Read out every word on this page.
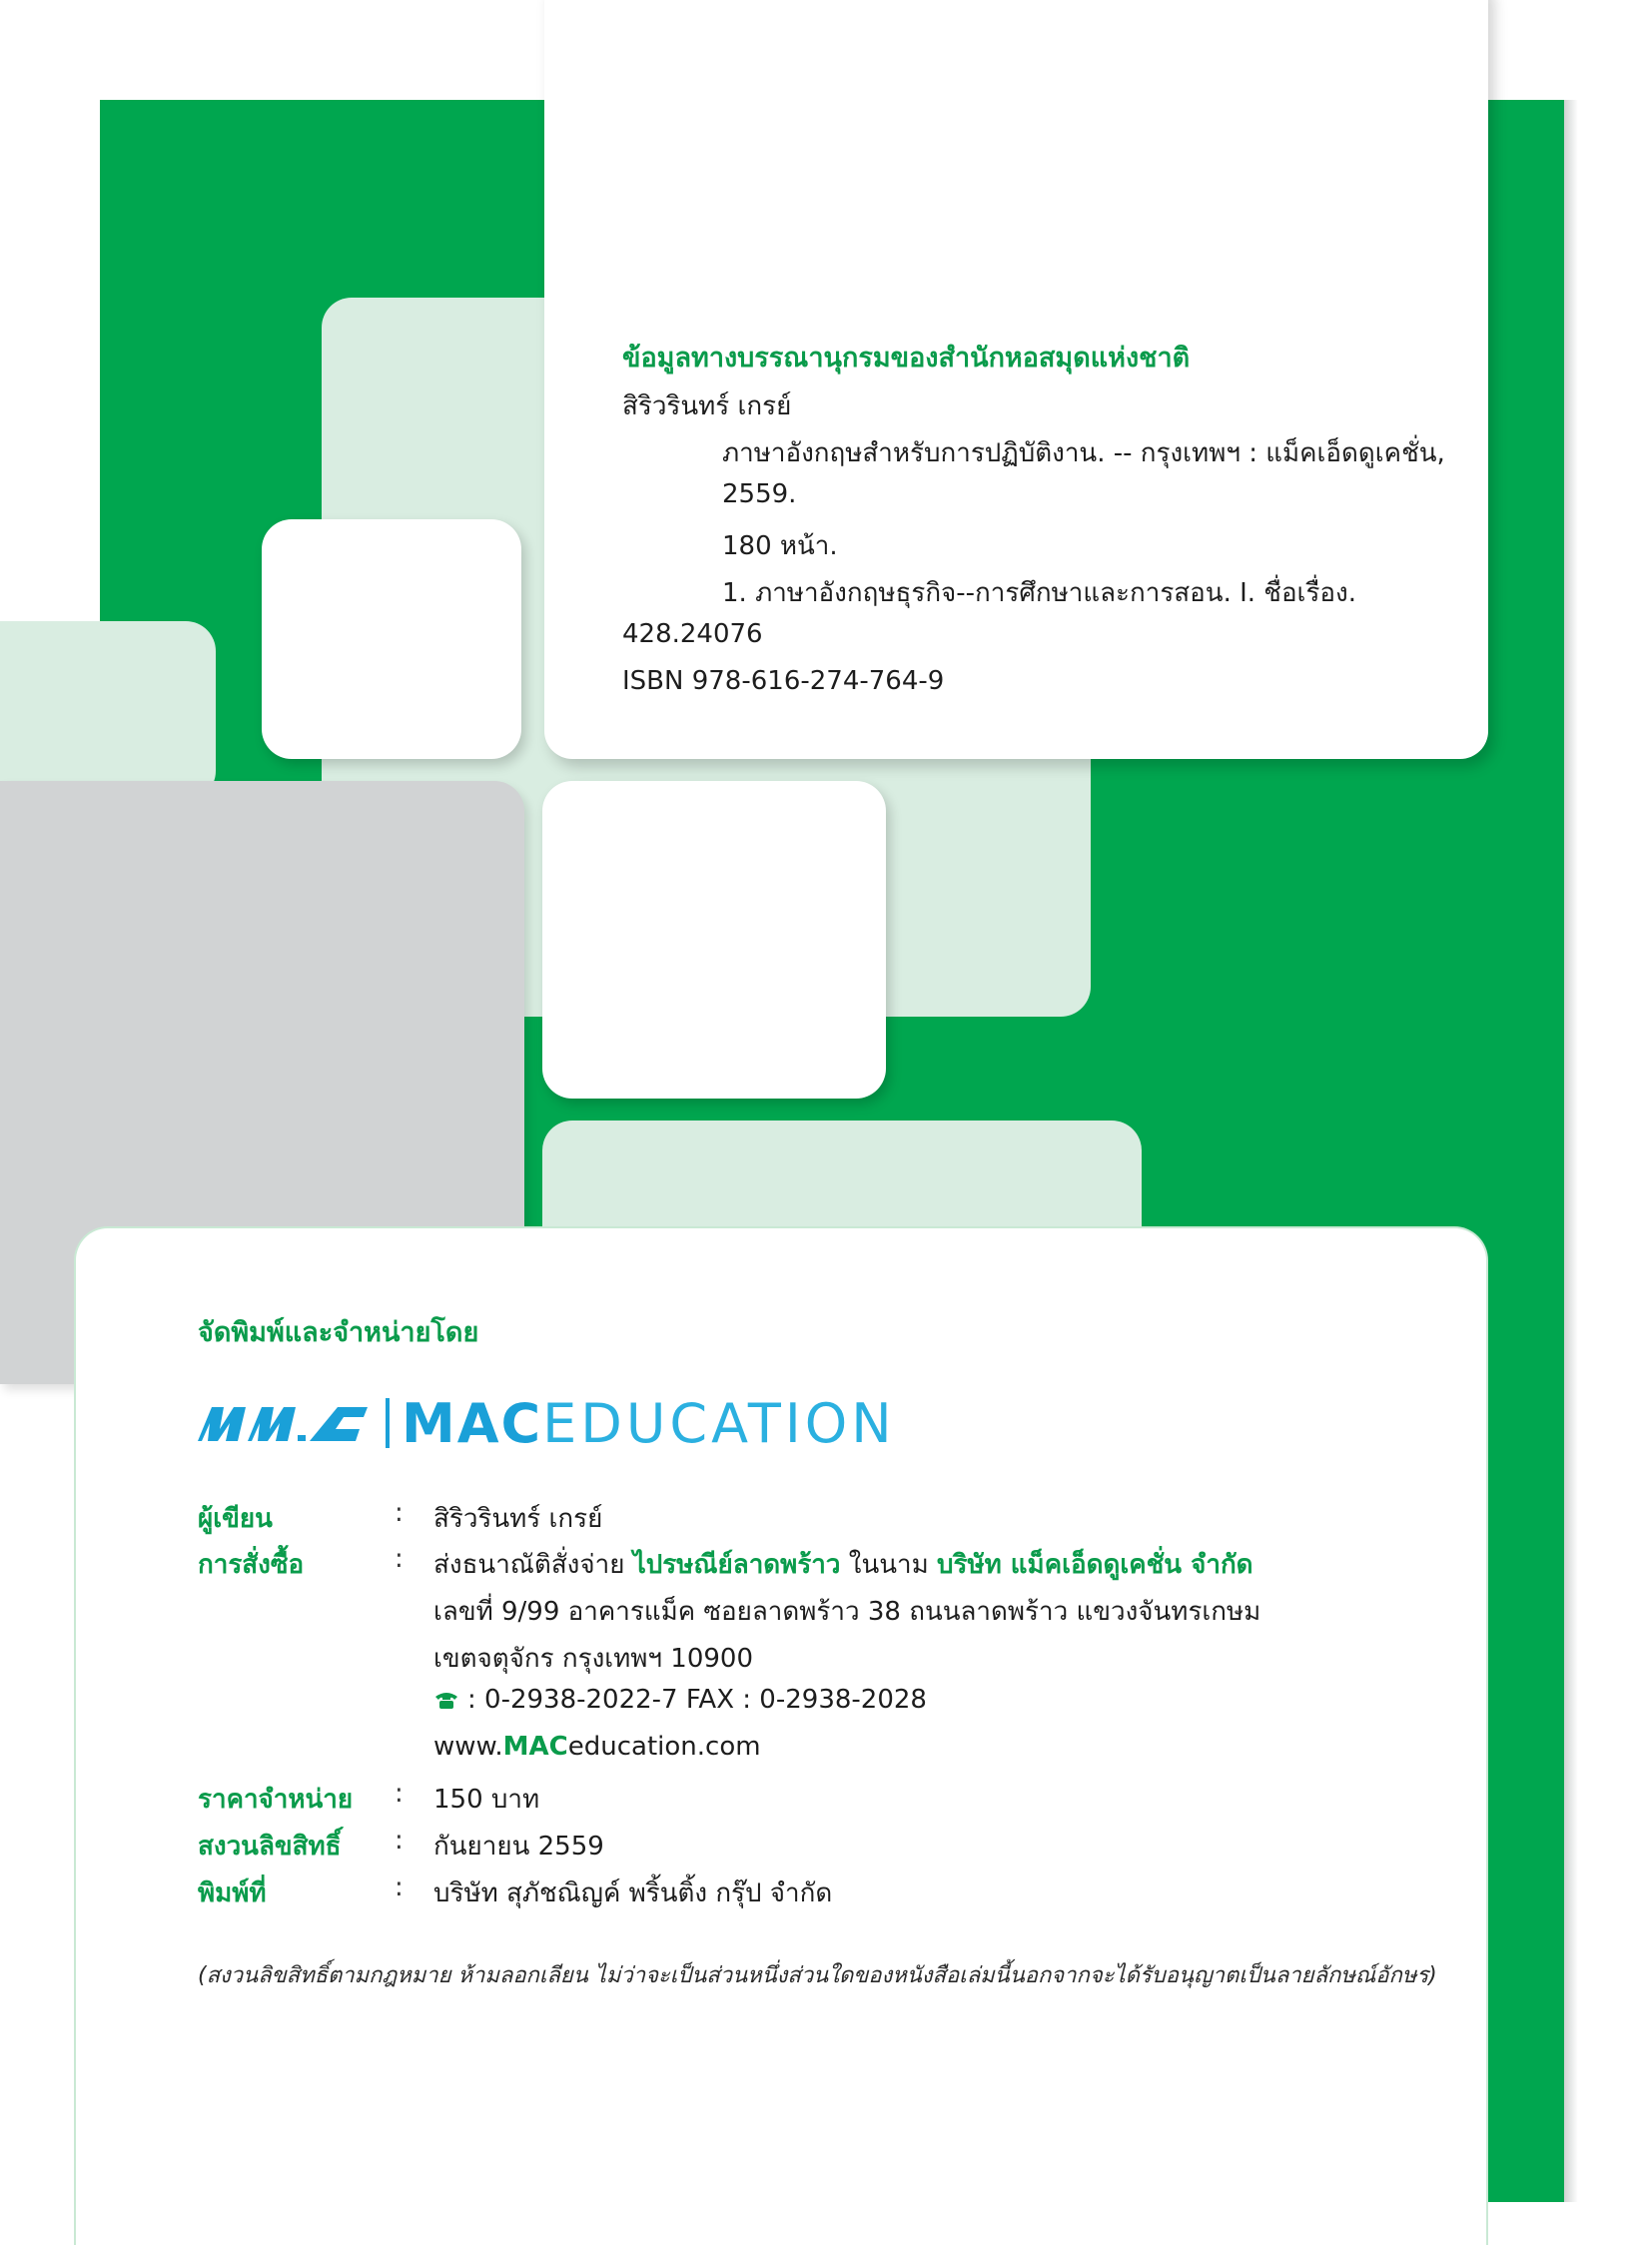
ข้อมูลทางบรรณานุกรมของสำนักหอสมุดแห่งชาติ
สิริวรินทร์ เกรย์
ภาษาอังกฤษสำหรับการปฏิบัติงาน. -- กรุงเทพฯ : แม็คเอ็ดดูเคชั่น,
2559.
180 หน้า.
1. ภาษาอังกฤษธุรกิจ--การศึกษาและการสอน. I. ชื่อเรื่อง.
428.24076
ISBN 978-616-274-764-9
จัดพิมพ์และจำหน่ายโดย
MACEDUCATION
ผู้เขียน	: สิริวรินทร์ เกรย์
การสั่งซื้อ	: ส่งธนาณัติสั่งจ่าย ไปรษณีย์ลาดพร้าว ในนาม บริษัท แม็คเอ็ดดูเคชั่น จำกัด
เลขที่ 9/99 อาคารแม็ค ซอยลาดพร้าว 38 ถนนลาดพร้าว แขวงจันทรเกษม
เขตจตุจักร กรุงเทพฯ 10900
: 0-2938-2022-7 FAX : 0-2938-2028
www.MACeducation.com
ราคาจำหน่าย : 150 บาท
สงวนลิขสิทธิ์ : กันยายน 2559
พิมพ์ที่	: บริษัท สุภัชณิญค์ พริ้นติ้ง กรุ๊ป จำกัด
(สงวนลิขสิทธิ์ตามกฎหมาย ห้ามลอกเลียน ไม่ว่าจะเป็นส่วนหนึ่งส่วนใดของหนังสือเล่มนี้นอกจากจะได้รับอนุญาตเป็นลายลักษณ์อักษร)
